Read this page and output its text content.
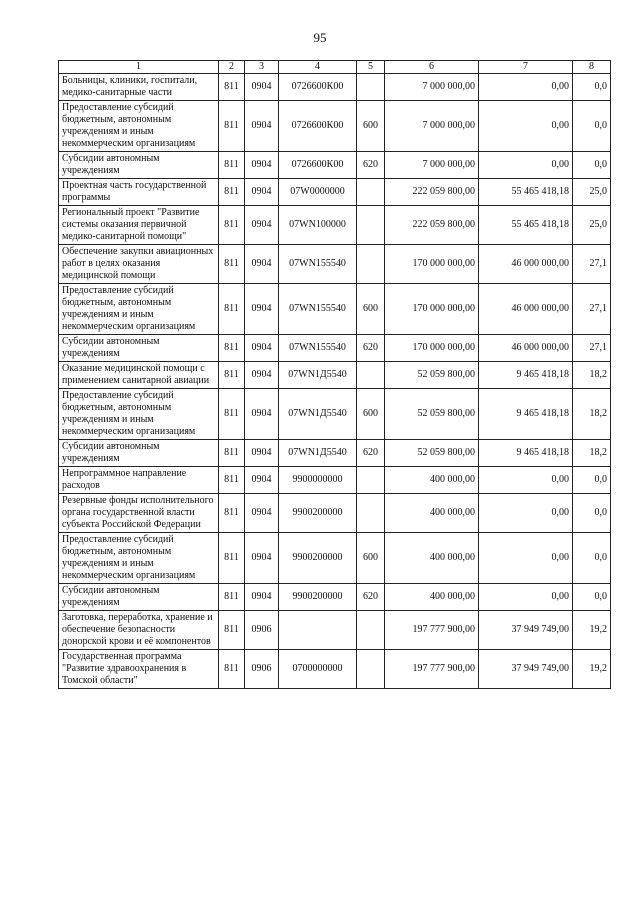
95
1	2	3	4	5	6	7	8
Больницы, клиники, госпитали, медико-санитарные части	811	0904	0726600К00		7 000 000,00	0,00	0,0
Предоставление субсидий бюджетным, автономным учреждениям и иным некоммерческим организациям	811	0904	0726600К00	600	7 000 000,00	0,00	0,0
Субсидии автономным учреждениям	811	0904	0726600К00	620	7 000 000,00	0,00	0,0
Проектная часть государственной программы	811	0904	07W0000000		222 059 800,00	55 465 418,18	25,0
Региональный проект "Развитие системы оказания первичной медико-санитарной помощи"	811	0904	07WN100000		222 059 800,00	55 465 418,18	25,0
Обеспечение закупки авиационных работ в целях оказания медицинской помощи	811	0904	07WN155540		170 000 000,00	46 000 000,00	27,1
Предоставление субсидий бюджетным, автономным учреждениям и иным некоммерческим организациям	811	0904	07WN155540	600	170 000 000,00	46 000 000,00	27,1
Субсидии автономным учреждениям	811	0904	07WN155540	620	170 000 000,00	46 000 000,00	27,1
Оказание медицинской помощи с применением санитарной авиации	811	0904	07WN1Д5540		52 059 800,00	9 465 418,18	18,2
Предоставление субсидий бюджетным, автономным учреждениям и иным некоммерческим организациям	811	0904	07WN1Д5540	600	52 059 800,00	9 465 418,18	18,2
Субсидии автономным учреждениям	811	0904	07WN1Д5540	620	52 059 800,00	9 465 418,18	18,2
Непрограммное направление расходов	811	0904	9900000000		400 000,00	0,00	0,0
Резервные фонды исполнительного органа государственной власти субъекта Российской Федерации	811	0904	9900200000		400 000,00	0,00	0,0
Предоставление субсидий бюджетным, автономным учреждениям и иным некоммерческим организациям	811	0904	9900200000	600	400 000,00	0,00	0,0
Субсидии автономным учреждениям	811	0904	9900200000	620	400 000,00	0,00	0,0
Заготовка, переработка, хранение и обеспечение безопасности донорской крови и её компонентов	811	0906			197 777 900,00	37 949 749,00	19,2
Государственная программа "Развитие здравоохранения в Томской области"	811	0906	0700000000		197 777 900,00	37 949 749,00	19,2
